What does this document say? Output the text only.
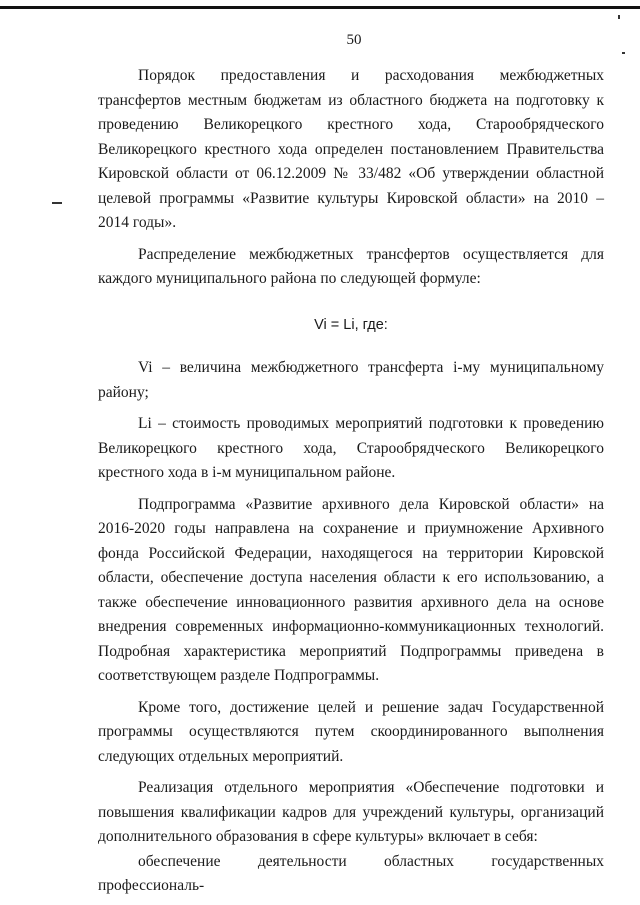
50

Порядок предоставления и расходования межбюджетных трансфертов местным бюджетам из областного бюджета на подготовку к проведению Великорецкого крестного хода, Старообрядческого Великорецкого крестного хода определен постановлением Правительства Кировской области от 06.12.2009 № 33/482 «Об утверждении областной целевой программы «Развитие культуры Кировской области» на 2010 – 2014 годы».

Распределение межбюджетных трансфертов осуществляется для каждого муниципального района по следующей формуле:

Vi = Li, где:

Vi – величина межбюджетного трансферта i-му муниципальному району;

Li – стоимость проводимых мероприятий подготовки к проведению Великорецкого крестного хода, Старообрядческого Великорецкого крестного хода в i-м муниципальном районе.

Подпрограмма «Развитие архивного дела Кировской области» на 2016-2020 годы направлена на сохранение и приумножение Архивного фонда Российской Федерации, находящегося на территории Кировской области, обеспечение доступа населения области к его использованию, а также обеспечение инновационного развития архивного дела на основе внедрения современных информационно-коммуникационных технологий. Подробная характеристика мероприятий Подпрограммы приведена в соответствующем разделе Подпрограммы.

Кроме того, достижение целей и решение задач Государственной программы осуществляются путем скоординированного выполнения следующих отдельных мероприятий.

Реализация отдельного мероприятия «Обеспечение подготовки и повышения квалификации кадров для учреждений культуры, организаций дополнительного образования в сфере культуры» включает в себя:

обеспечение деятельности областных государственных профессиональ-
